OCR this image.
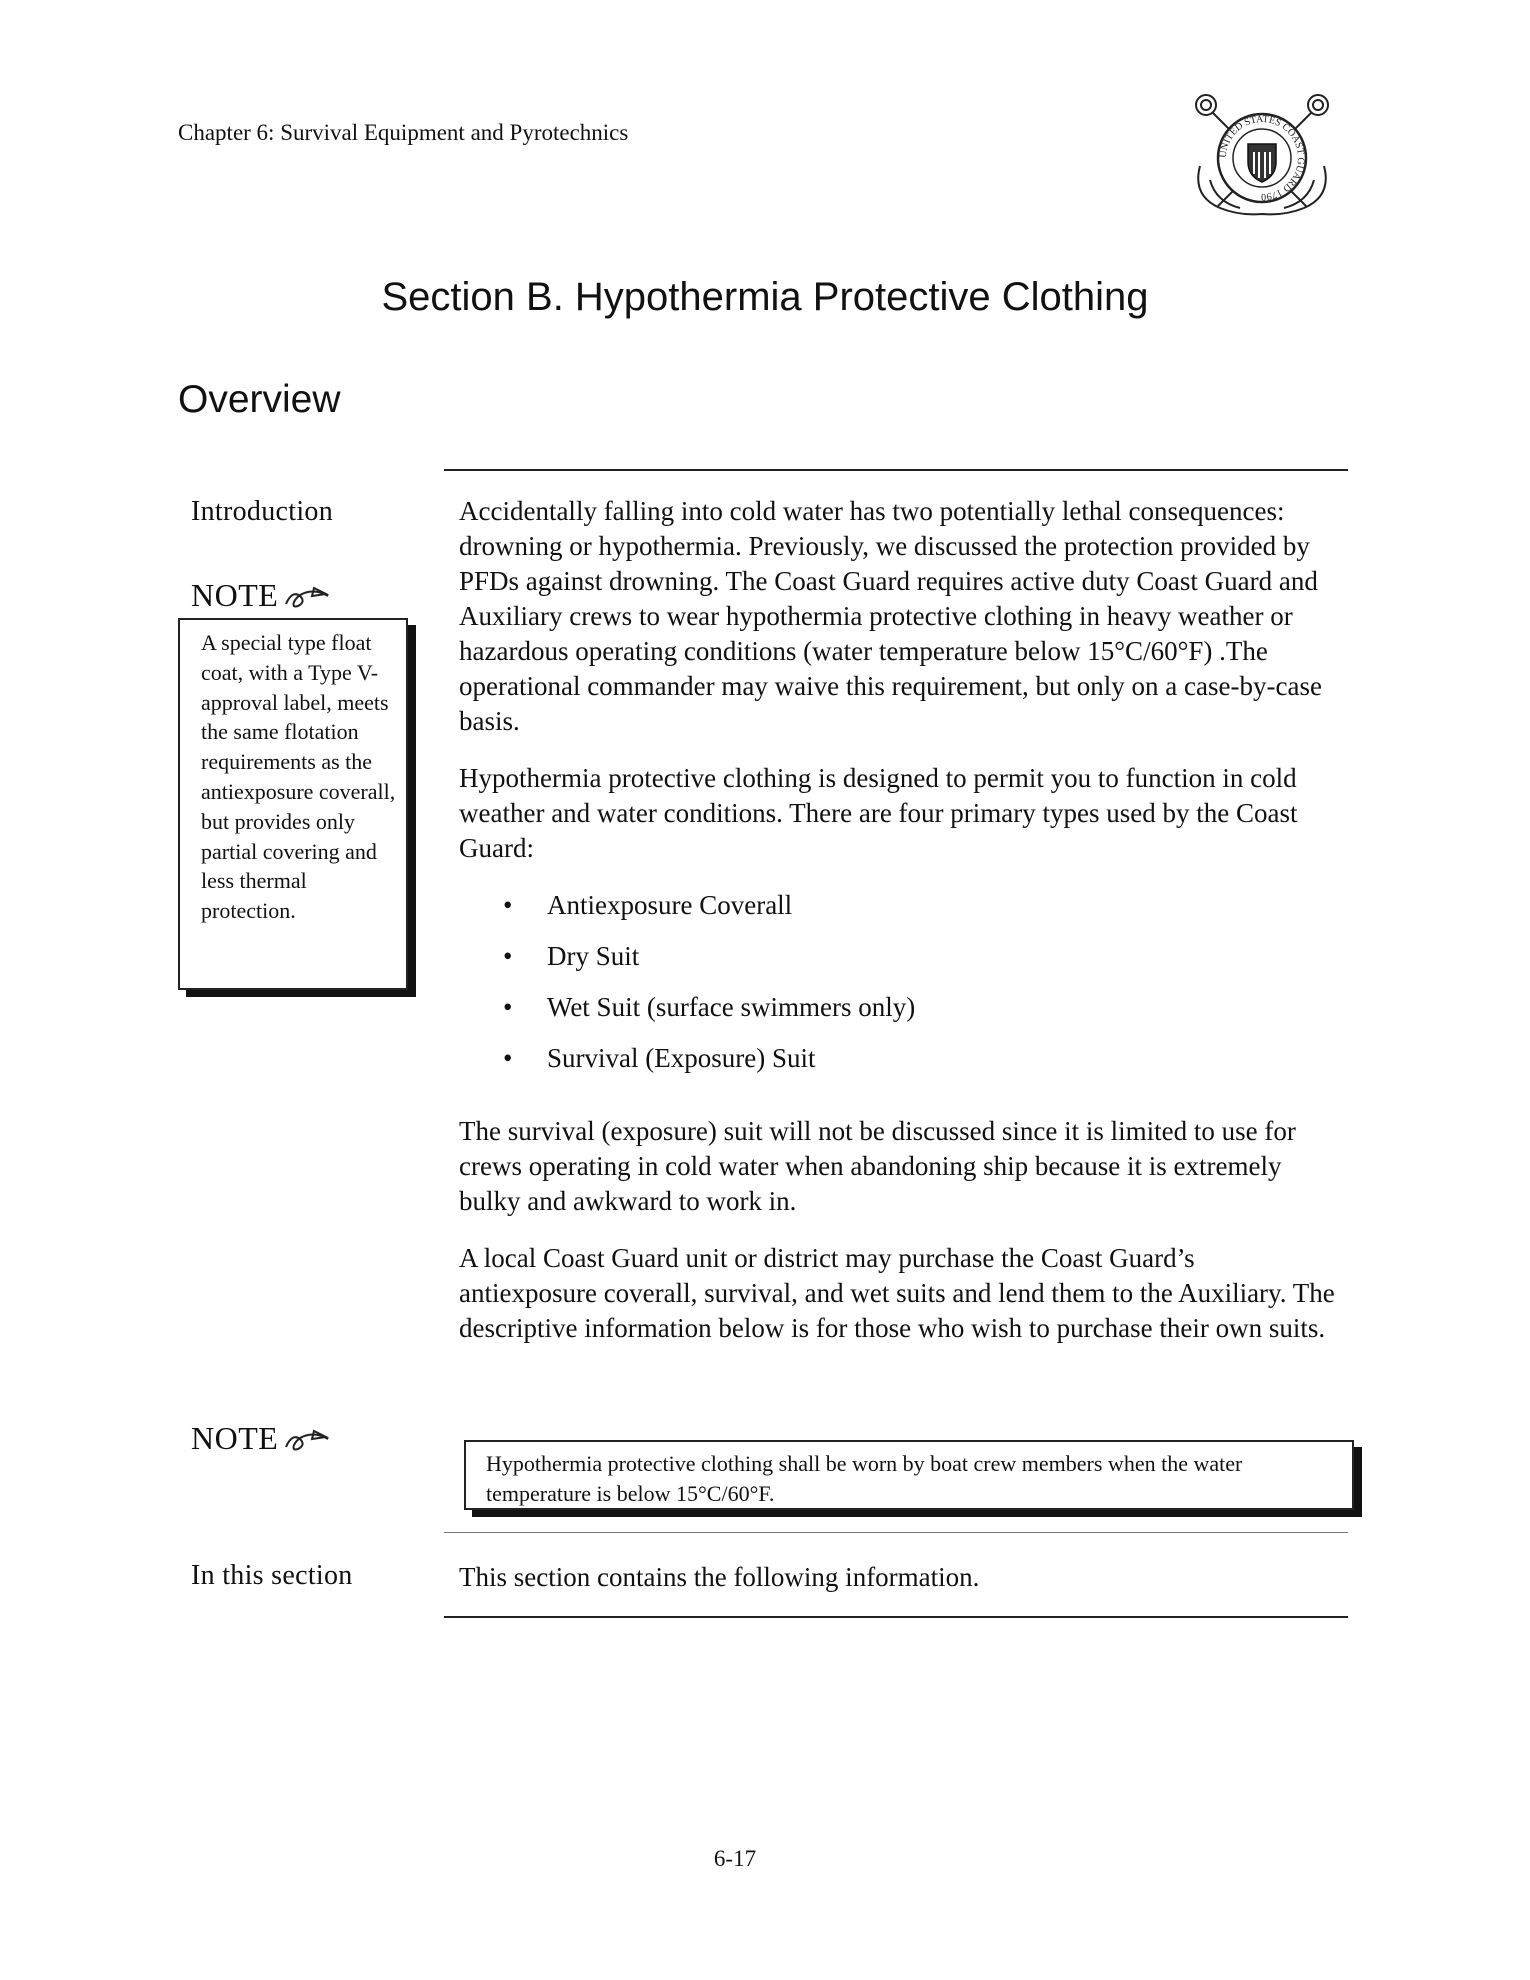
Chapter 6: Survival Equipment and Pyrotechnics
UNITED STATES COAST GUARD 1790
Section B. Hypothermia Protective Clothing
Overview
Introduction
NOTE
A special type float coat, with a Type V-approval label, meets the same flotation requirements as the antiexposure coverall, but provides only partial covering and less thermal protection.

Accidentally falling into cold water has two potentially lethal consequences: drowning or hypothermia. Previously, we discussed the protection provided by PFDs against drowning. The Coast Guard requires active duty Coast Guard and Auxiliary crews to wear hypothermia protective clothing in heavy weather or hazardous operating conditions (water temperature below 15°C/60°F) .The operational commander may waive this requirement, but only on a case-by-case basis.

Hypothermia protective clothing is designed to permit you to function in cold weather and water conditions. There are four primary types used by the Coast Guard:

• Antiexposure Coverall
• Dry Suit
• Wet Suit (surface swimmers only)
• Survival (Exposure) Suit

The survival (exposure) suit will not be discussed since it is limited to use for crews operating in cold water when abandoning ship because it is extremely bulky and awkward to work in.

A local Coast Guard unit or district may purchase the Coast Guard’s antiexposure coverall, survival, and wet suits and lend them to the Auxiliary. The descriptive information below is for those who wish to purchase their own suits.

NOTE
Hypothermia protective clothing shall be worn by boat crew members when the water temperature is below 15°C/60°F.
In this section	This section contains the following information.
6-17
